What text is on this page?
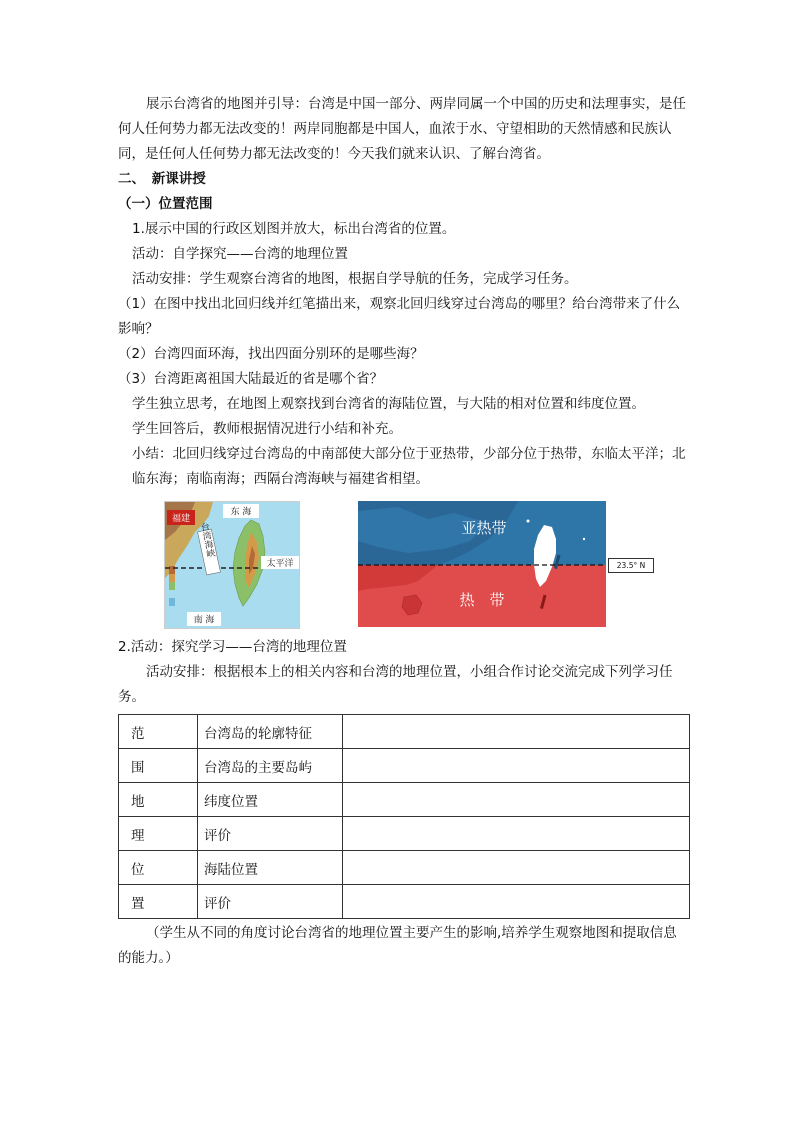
展示台湾省的地图并引导：台湾是中国一部分、两岸同属一个中国的历史和法理事实，是任何人任何势力都无法改变的！两岸同胞都是中国人，血浓于水、守望相助的天然情感和民族认同，是任何人任何势力都无法改变的！今天我们就来认识、了解台湾省。

二、　新课讲授

（一）位置范围

1.展示中国的行政区划图并放大，标出台湾省的位置。

活动：自学探究——台湾的地理位置

活动安排：学生观察台湾省的地图，根据自学导航的任务，完成学习任务。

（1）在图中找出北回归线并红笔描出来，观察北回归线穿过台湾岛的哪里？给台湾带来了什么影响？

（2）台湾四面环海，找出四面分别环的是哪些海？

（3）台湾距离祖国大陆最近的省是哪个省？

学生独立思考，在地图上观察找到台湾省的海陆位置，与大陆的相对位置和纬度位置。

学生回答后，教师根据情况进行小结和补充。

小结：北回归线穿过台湾岛的中南部使大部分位于亚热带，少部分位于热带，东临太平洋；北临东海；南临南海；西隔台湾海峡与福建省相望。

福建
东 海
台湾海峡
太平洋
南 海
亚热带
热　带
23.5° N

2.活动：探究学习——台湾的地理位置

活动安排：根据根本上的相关内容和台湾的地理位置，小组合作讨论交流完成下列学习任务。

范	台湾岛的轮廓特征	
围	台湾岛的主要岛屿	
地	纬度位置	
理	评价	
位	海陆位置	
置	评价	

（学生从不同的角度讨论台湾省的地理位置主要产生的影响,培养学生观察地图和提取信息的能力。）
